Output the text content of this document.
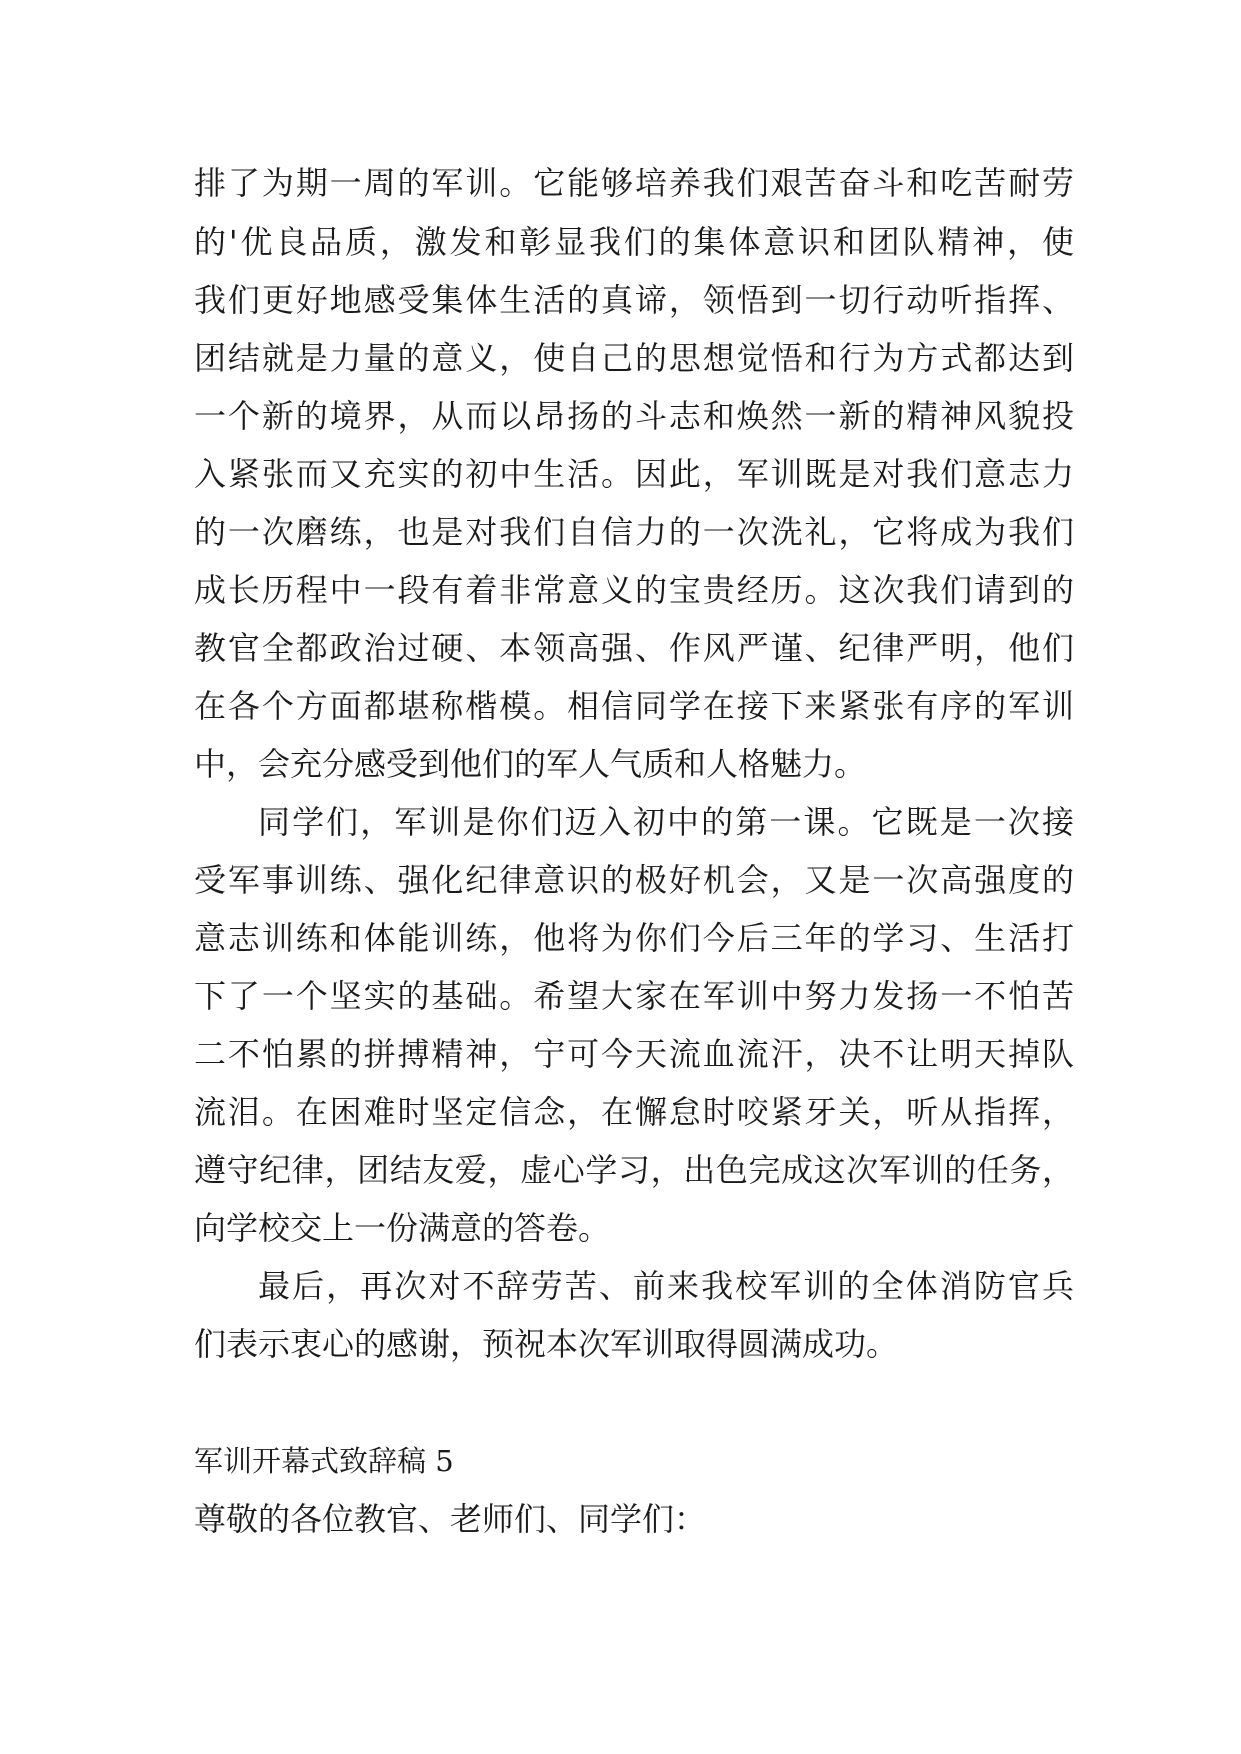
排了为期一周的军训。它能够培养我们艰苦奋斗和吃苦耐劳
的'优良品质，激发和彰显我们的集体意识和团队精神，使
我们更好地感受集体生活的真谛，领悟到一切行动听指挥、
团结就是力量的意义，使自己的思想觉悟和行为方式都达到
一个新的境界，从而以昂扬的斗志和焕然一新的精神风貌投
入紧张而又充实的初中生活。因此，军训既是对我们意志力
的一次磨练，也是对我们自信力的一次洗礼，它将成为我们
成长历程中一段有着非常意义的宝贵经历。这次我们请到的
教官全都政治过硬、本领高强、作风严谨、纪律严明，他们
在各个方面都堪称楷模。相信同学在接下来紧张有序的军训
中，会充分感受到他们的军人气质和人格魅力。
同学们，军训是你们迈入初中的第一课。它既是一次接
受军事训练、强化纪律意识的极好机会，又是一次高强度的
意志训练和体能训练，他将为你们今后三年的学习、生活打
下了一个坚实的基础。希望大家在军训中努力发扬一不怕苦
二不怕累的拼搏精神，宁可今天流血流汗，决不让明天掉队
流泪。在困难时坚定信念，在懈怠时咬紧牙关，听从指挥，
遵守纪律，团结友爱，虚心学习，出色完成这次军训的任务，
向学校交上一份满意的答卷。
最后，再次对不辞劳苦、前来我校军训的全体消防官兵
们表示衷心的感谢，预祝本次军训取得圆满成功。
军训开幕式致辞稿 5
尊敬的各位教官、老师们、同学们：
